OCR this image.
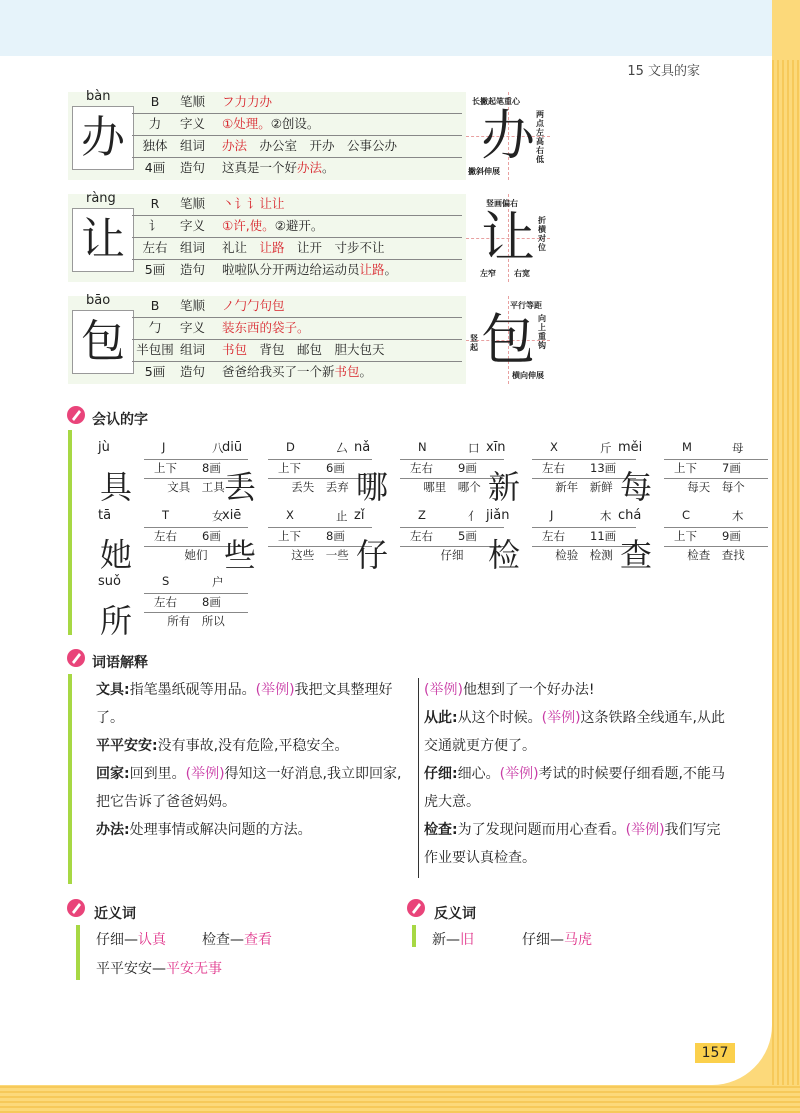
15 文具的家
bàn
办
B	笔顺	フ力力办
力	字义	①处理。②创设。
独体	组词	办法　 办公室　开办　公事公办
4画	造句	这真是一个好办法。
办
长撇起笔重心
两点左高右低
撇斜伸展
ràng
让
R	笔顺	丶讠讠让让
讠	字义	①许,使。②避开。
左右	组词	礼让　让路　让开　寸步不让
5画	造句	啦啦队分开两边给运动员让路。
让
竖画偏右
折横对位
左窄 右宽
bāo
包
B	笔顺	ノ勹勹句包
勹	字义	装东西的袋子。
半包围 组词	书包　背包　邮包　胆大包天
5画	造句	爸爸给我买了一个新书包。
包
平行等距
向上重钩
竖起
横向伸展
会认的字
jù
具
J	八
上下 8画
文具　工具
diū
丢
D	厶
上下 6画
丢失　丢弃
nǎ
哪
N	口
左右 9画
哪里　哪个
xīn
新
X	斤
左右 13画
新年　新鲜
měi
每
M	母
上下 7画
每天　每个
tā
她
T	女
左右 6画
她们
xiē
些
X	止
上下 8画
这些　一些
zǐ
仔
Z	亻
左右 5画
仔细
jiǎn
检
J	木
左右 11画
检验　检测
chá
查
C	木
上下 9画
检查　查找
suǒ
所
S	户
左右 8画
所有　所以
词语解释
文具:指笔墨纸砚等用品。(举例)我把文具整理好了。
平平安安:没有事故,没有危险,平稳安全。
回家:回到里。(举例)得知这一好消息,我立即回家,把它告诉了爸爸妈妈。
办法:处理事情或解决问题的方法。
(举例)他想到了一个好办法!
从此:从这个时候。(举例)这条铁路全线通车,从此交通就更方便了。
仔细:细心。(举例)考试的时候要仔细看题,不能马虎大意。
检查:为了发现问题而用心查看。(举例)我们写完作业要认真检查。
近义词
仔细—认真	检查—查看
平平安安—平安无事
反义词
新—旧	仔细—马虎
157
